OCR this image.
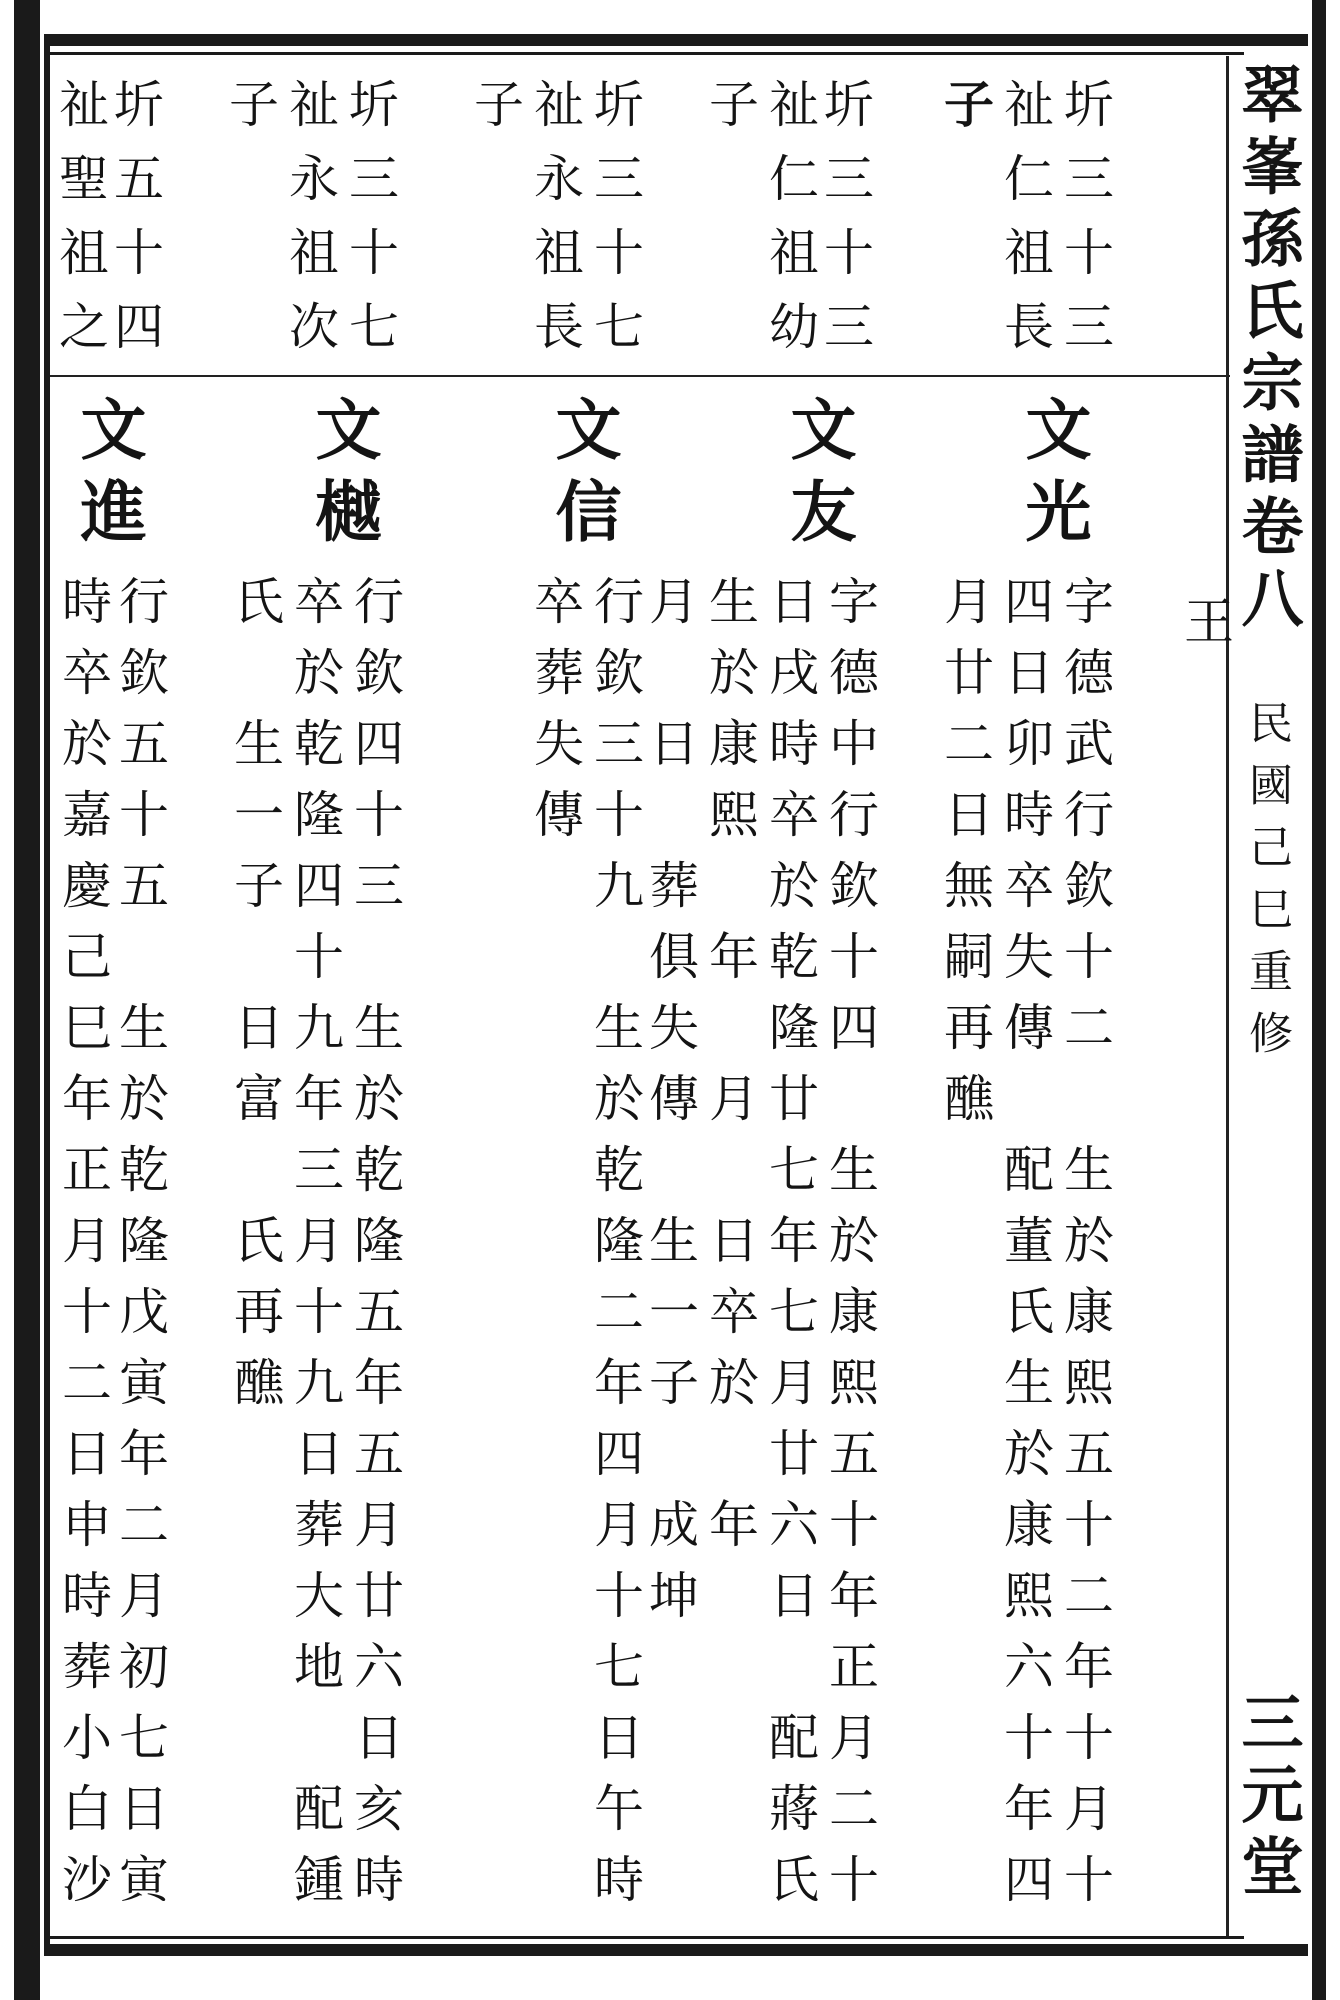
翠峯孫氏宗譜卷八
民國己巳重修
三元堂
王
圻三十三
祉仁祖長
子
文光
字德武行欽十二　生於康熙五十二年十月十
四日卯時卒失傳　配董氏生於康熙六十年四
月廿二日無嗣再醮
圻三十三
祉仁祖幼
子
文友
字德中行欽十四　生於康熙五十年正月二十
日戌時卒於乾隆廿七年七月廿六日　配蔣氏
生於康熙　年　月　日卒於　年
月　日　葬俱失傳　生一子　成坤
圻三十七
祉永祖長
子
文信
行欽三十九　生於乾隆二年四月十七日午時
卒葬失傳
圻三十七
祉永祖次
子
文樾
行欽四十三　生於乾隆五年五月廿六日亥時
卒於乾隆四十九年三月十九日葬大地　配鍾
氏　生一子　日富　氏再醮
圻五十四
祉聖祖之
文進
行欽五十五　生於乾隆戊寅年二月初七日寅
時卒於嘉慶己巳年正月十二日申時葬小白沙
